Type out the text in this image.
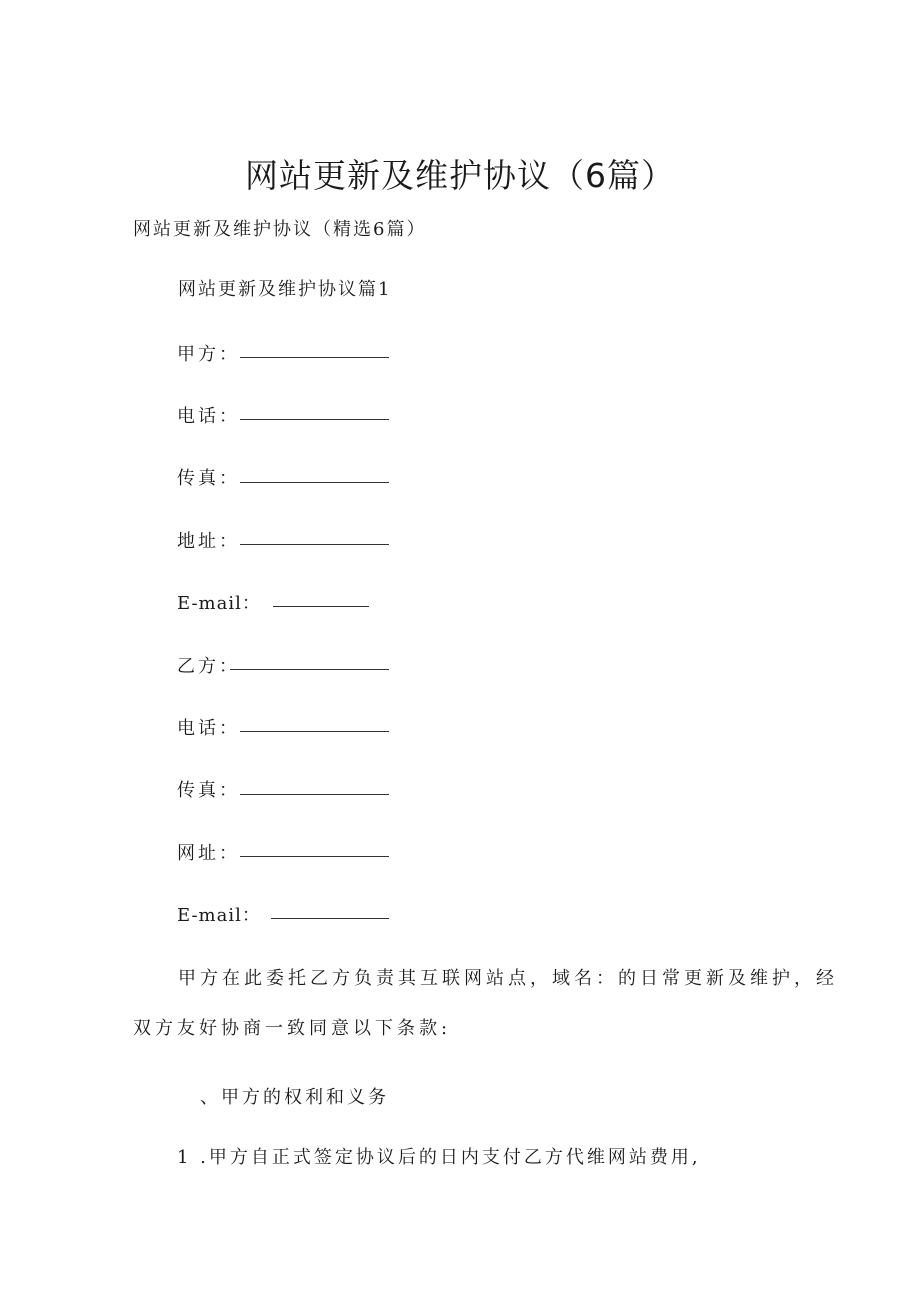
网站更新及维护协议（6篇）
网站更新及维护协议（精选6篇）
网站更新及维护协议篇1
甲方：
电话：
传真：
地址：
E-mail：
乙方：
电话：
传真：
网址：
E-mail：
甲方在此委托乙方负责其互联网站点，域名：的日常更新及维护，经
双方友好协商一致同意以下条款:
、甲方的权利和义务
1 .甲方自正式签定协议后的日内支付乙方代维网站费用,
